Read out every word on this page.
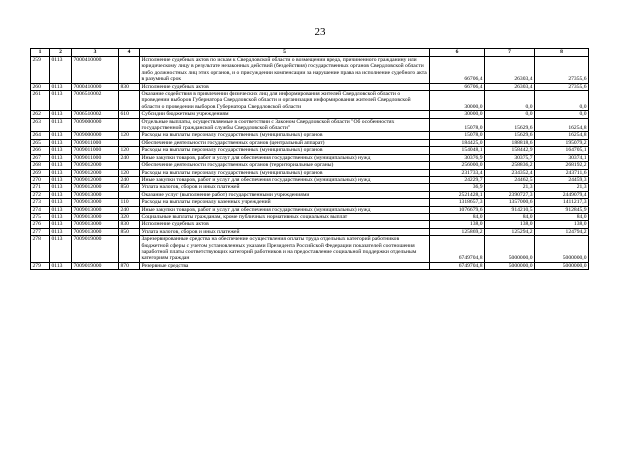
23
1	2	3	4	5	6	7	8
259	0113	7000410000		Исполнение судебных актов по искам к Свердловской области о возмещении вреда, причиненного гражданину или юридическому лицу в результате незаконных действий (бездействия) государственных органов Свердловской области либо должностных лиц этих органов, и о присуждении компенсации за нарушение права на исполнение судебного акта в разумный срок	66706,4	26303,4	27355,6
260	0113	7000410000	830	Исполнение судебных актов	66706,4	26303,4	27355,6
261	0113	7006510002		Оказание содействия в привлечении физических лиц для информирования жителей Свердловской области о проведении выборов Губернатора Свердловской области и организация информирования жителей Свердловской области о проведении выборов Губернатора Свердловской области	30000,0	0,0	0,0
262	0113	7006510002	610	Субсидии бюджетным учреждениям	30000,0	0,0	0,0
263	0113	7009000000		Отдельные выплаты, осуществляемые в соответствии с Законом Свердловской области "Об особенностях государственной гражданской службы Свердловской области"	15078,0	15629,6	16254,8
264	0113	7009000000	120	Расходы на выплаты персоналу государственных (муниципальных) органов	15078,0	15629,6	16254,8
265	0113	7009011000		Обеспечение деятельности государственных органов (центральный аппарат)	184425,0	188818,6	195079,2
266	0113	7009011000	120	Расходы на выплаты персоналу государственных (муниципальных) органов	154048,1	158442,9	164705,1
267	0113	7009011000	240	Иные закупки товаров, работ и услуг для обеспечения государственных (муниципальных) нужд	30376,9	30375,7	30374,1
268	0113	7009012000		Обеспечение деятельности государственных органов (территориальные органы)	256000,0	258836,2	268192,2
269	0113	7009012000	120	Расходы на выплаты персоналу государственных (муниципальных) органов	231733,4	234352,4	243711,6
270	0113	7009012000	240	Иные закупки товаров, работ и услуг для обеспечения государственных (муниципальных) нужд	24229,7	24462,5	24459,3
271	0113	7009012000	850	Уплата налогов, сборов и иных платежей	36,9	21,3	21,3
272	0113	7009013000		Оказание услуг (выполнение работ) государственными учреждениями	2521428,1	2390727,3	2449079,4
273	0113	7009013000	110	Расходы на выплаты персоналу казенных учреждений	1318657,3	1357000,6	1411217,3
274	0113	7009013000	240	Иные закупки товаров, работ и услуг для обеспечения государственных (муниципальных) нужд	1076679,6	914210,5	912845,9
275	0113	7009013000	320	Социальные выплаты гражданам, кроме публичных нормативных социальных выплат	84,0	84,0	84,0
276	0113	7009013000	830	Исполнение судебных актов	138,0	138,0	138,0
277	0113	7009013000	850	Уплата налогов, сборов и иных платежей	125869,2	125294,2	124794,2
278	0113	7009019000		Зарезервированные средства на обеспечение осуществления оплаты труда отдельных категорий работников бюджетной сферы с учетом установленных указами Президента Российской Федерации показателей соотношения заработной платы соответствующих категорий работников и на предоставление социальной поддержки отдельным категориям граждан	6749704,8	5000000,0	5000000,0
279	0113	7009019000	870	Резервные средства	6749704,8	5000000,0	5000000,0
